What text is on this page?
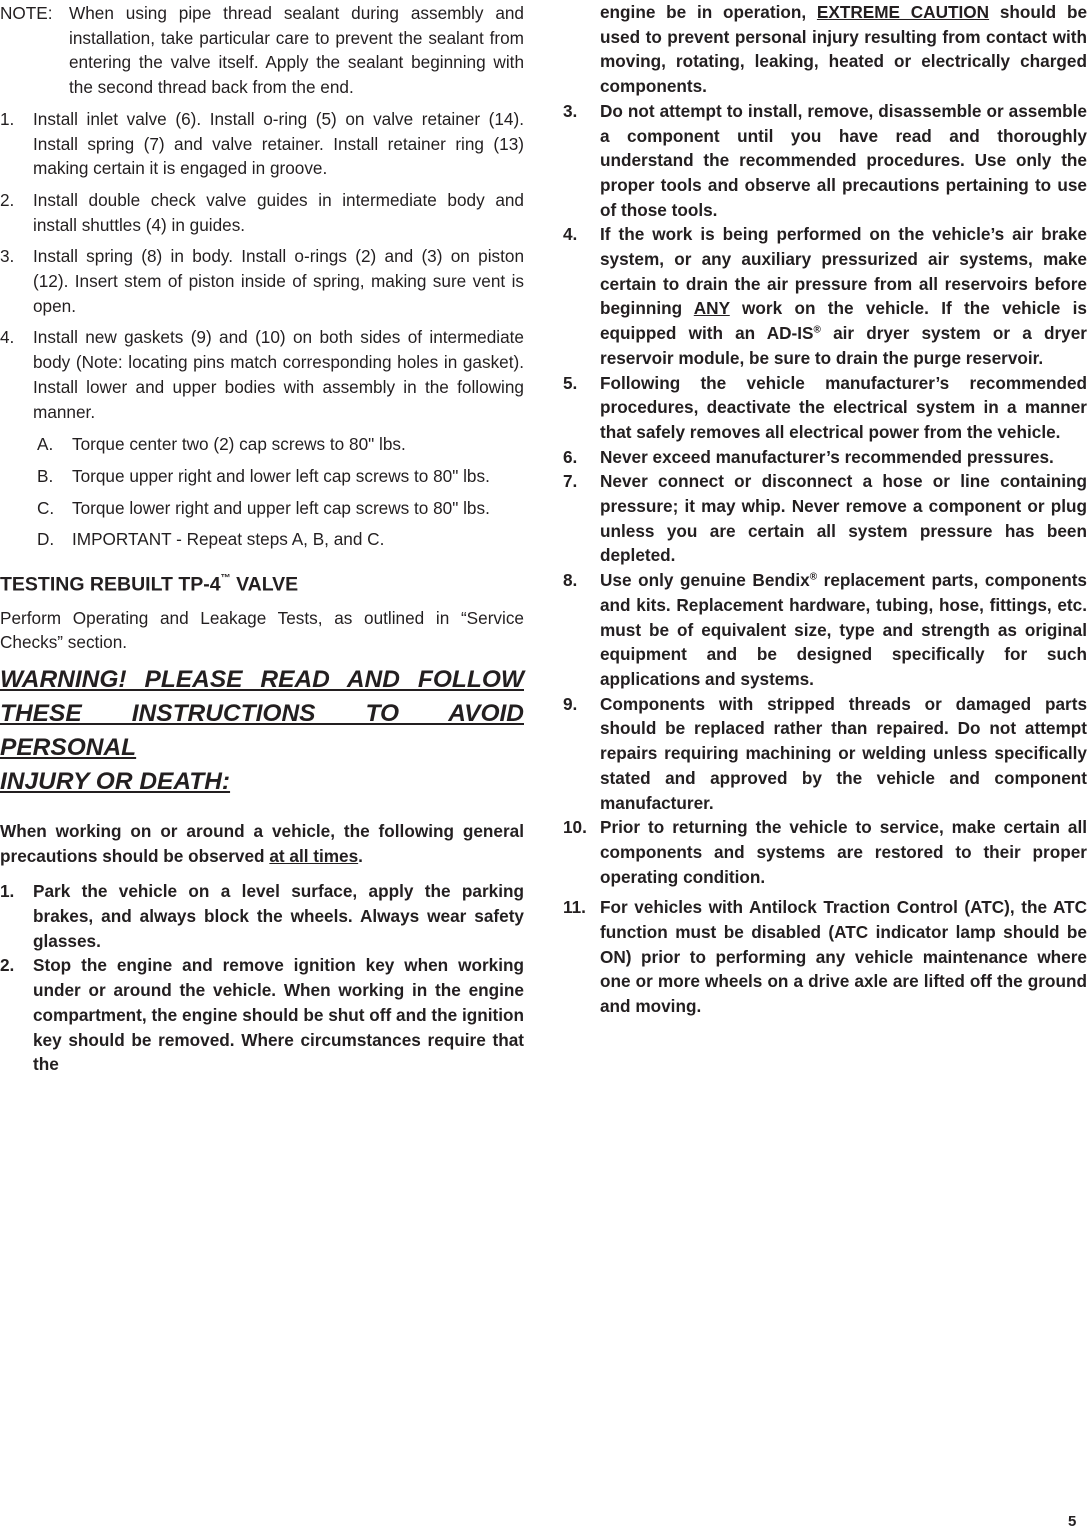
NOTE: When using pipe thread sealant during assembly and installation, take particular care to prevent the sealant from entering the valve itself. Apply the sealant beginning with the second thread back from the end.
1.	Install inlet valve (6). Install o-ring (5) on valve retainer (14). Install spring (7) and valve retainer. Install retainer ring (13) making certain it is engaged in groove.
2.	Install double check valve guides in intermediate body and install shuttles (4) in guides.
3.	Install spring (8) in body. Install o-rings (2) and (3) on piston (12). Insert stem of piston inside of spring, making sure vent is open.
4.	Install new gaskets (9) and (10) on both sides of intermediate body (Note: locating pins match corresponding holes in gasket). Install lower and upper bodies with assembly in the following manner.
A.	Torque center two (2) cap screws to 80" lbs.
B.	Torque upper right and lower left cap screws to 80" lbs.
C.	Torque lower right and upper left cap screws to 80" lbs.
D.	IMPORTANT - Repeat steps A, B, and C.
TESTING REBUILT TP-4™ VALVE

Perform Operating and Leakage Tests, as outlined in “Service Checks” section.

WARNING! PLEASE READ AND FOLLOW
THESE INSTRUCTIONS TO AVOID PERSONAL
INJURY OR DEATH:

When working on or around a vehicle, the following general precautions should be observed at all times.

1.	Park the vehicle on a level surface, apply the parking brakes, and always block the wheels. Always wear safety glasses.
2.	Stop the engine and remove ignition key when working under or around the vehicle. When working in the engine compartment, the engine should be shut off and the ignition key should be removed. Where circumstances require that the
engine be in operation, EXTREME CAUTION should be used to prevent personal injury resulting from contact with moving, rotating, leaking, heated or electrically charged components.
3.	Do not attempt to install, remove, disassemble or assemble a component until you have read and thoroughly understand the recommended procedures. Use only the proper tools and observe all precautions pertaining to use of those tools.
4.	If the work is being performed on the vehicle’s air brake system, or any auxiliary pressurized air systems, make certain to drain the air pressure from all reservoirs before beginning ANY work on the vehicle. If the vehicle is equipped with an AD-IS® air dryer system or a dryer reservoir module, be sure to drain the purge reservoir.
5.	Following the vehicle manufacturer’s recommended procedures, deactivate the electrical system in a manner that safely removes all electrical power from the vehicle.
6.	Never exceed manufacturer’s recommended pressures.
7.	Never connect or disconnect a hose or line containing pressure; it may whip. Never remove a component or plug unless you are certain all system pressure has been depleted.
8.	Use only genuine Bendix® replacement parts, components and kits. Replacement hardware, tubing, hose, fittings, etc. must be of equivalent size, type and strength as original equipment and be designed specifically for such applications and systems.
9.	Components with stripped threads or damaged parts should be replaced rather than repaired. Do not attempt repairs requiring machining or welding unless specifically stated and approved by the vehicle and component manufacturer.
10. Prior to returning the vehicle to service, make certain all components and systems are restored to their proper operating condition.
11. For vehicles with Antilock Traction Control (ATC), the ATC function must be disabled (ATC indicator lamp should be ON) prior to performing any vehicle maintenance where one or more wheels on a drive axle are lifted off the ground and moving.
5
